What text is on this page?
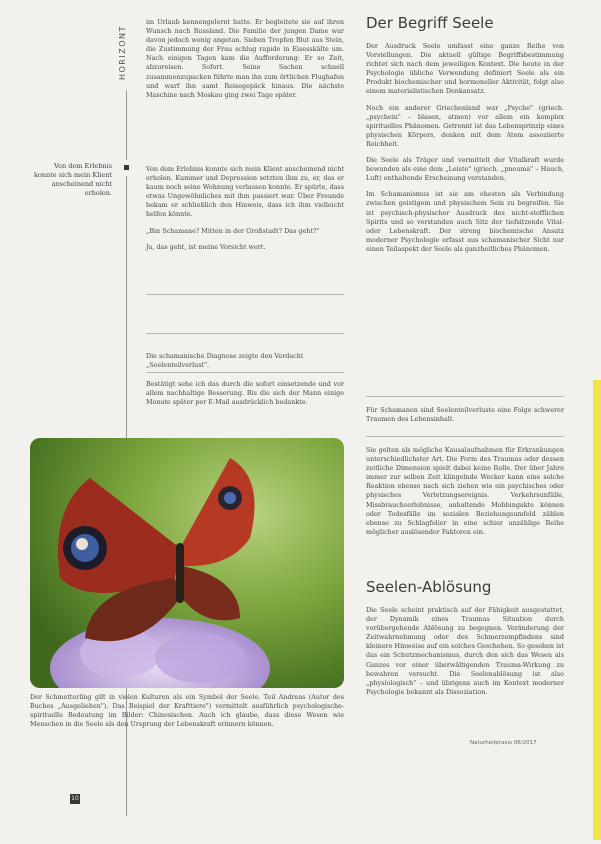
HORIZONT
Von dem Erlebnis konnte sich mein Klient anscheinend nicht erholen.

im Urlaub kennengelernt hatte. Er begleitete sie auf ihren Wunsch nach Russland. Die Familie der jungen Dame war davon jedoch wenig angetan. Sieben Tropfen Blut aus Stein, die Zustimmung der Frau schlug rapide in Eisesskälte um. Nach einigen Tagen kam die Aufforderung: Er so Zeit, abzureisen. Sofort. Seine Sachen schnell zusammenzupacken führte man ihn zum örtlichen Flughafen und warf ihn samt Reisegepäck hinaus. Die nächste Maschine nach Moskau ging zwei Tage später.

Von dem Erlebnis konnte sich mein Klient anscheinend nicht erholen. Kummer und Depression setzten ihm zu, er, das er kaum noch seine Wohnung verlassen konnte. Er spürte, dass etwas Ungewöhnliches mit ihm passiert war. Über Freunde bekam er schließlich den Hinweis, dass ich ihm vielleicht helfen könnte.

„Bin Schamane? Mitten in der Großstadt? Das geht?"

Ja, das geht, ist meine Vorsicht wert.

Die schamanische Diagnose zeigte den Verdacht „Seelenteilverlust".

Bestätigt sehe ich das durch die sofort einsetzende und vor allem nachhaltige Besserung. Bis die sich der Mann einige Monate später per E-Mail ausdrücklich bedankte.

Der Schmetterling gilt in vielen Kulturen als ein Symbol der Seele. Teil Andreas (Autor des Buches „Ausgeliehen"). Das Beispiel der Krafttiere") vermittelt ausführlich psychologische-spirituelle Bedeutung im Bilder: Chinesischen. Auch ich glaube, dass diese Wesen wie Menschen in die Seele als den Ursprung der Lebenskraft erinnern können.
10
Der Begriff Seele

Der Ausdruck Seele umfasst eine ganze Reihe von Vorstellungen. Die aktuell gültige Begriffsbestimmung richtet sich nach dem jeweiligen Kontext. Die heute in der Psychologie übliche Verwendung definiert Seele als ein Produkt biochemischer und hormoneller Aktivität, folgt also einem materialistischen Denkansatz.

Noch ein anderer Griechenland war „Psyche" (griech. „psychein" – blasen, atmen) vor allem ein komplex spirituelles Phänomen. Getrennt ist das Lebensprinzip eines physischen Körpers, denken mit dem Atem assoziierte Reichheit.

Die Seele als Träger und vermittelt der Vitalkraft wurde bewunden als eine dem „Leiste" (griech. „pneuma" – Hauch, Luft) enthaltende Erscheinung verstanden.

Im Schamanismus ist sie am ehesten als Verbindung zwischen geistigem und physischem Sein zu begreifen. Sie ist psychisch-physischer Ausdruck des nicht-stofflichen Spirits und so verstanden auch Sitz der tiefsitzende Vital- oder Lebenskraft. Der streng biochemische Ansatz moderner Psychologie erfasst aus schamanischer Sicht nur einen Teilaspekt der Seele als ganzheitliches Phänomen.

Für Schamanen sind Seelenteilverluste eine Folge schwerer Traumen des Lebensinhalt.

Sie gelten als mögliche Kausalaufnahmen für Erkrankungen unterschiedlichster Art. Die Form des Traumas oder dessen zeitliche Dimension spielt dabei keine Rolle. Der über Jahre immer zur selben Zeit klingelnde Wecker kann eine solche Reaktion ebenso nach sich ziehen wie ein psychisches oder physisches Verletzungsereignis. Verkehrsunfälle, Missbrauchserlebnisse, anhaltende Mobbingakte können oder Todesfälle im sozialen Beziehungsumfeld zählen ebenso zu Schlagfolier in eine schier unzählige Reihe möglicher auslösender Faktoren ein.

Seelen-Ablösung

Die Seele scheint praktisch auf der Fähigkeit ausgestattet, der Dynamik eines Traumas Situation durch vorübergehende Ablösung zu begegnen. Veränderung der Zeitwahrnehmung oder des Schmerzempfindens sind kleinere Hinweise auf ein solches Geschehen. So gesehen ist das ein Schutzmechanismus, durch den sich das Wesen als Ganzes vor einer überwältigenden Trauma-Wirkung zu bewahren versucht. Die Seelenablösung ist also „physiologisch" – und übrigens auch im Kontext moderner Psychologie bekannt als Dissoziation.

Naturheilpraxis 06/2017
